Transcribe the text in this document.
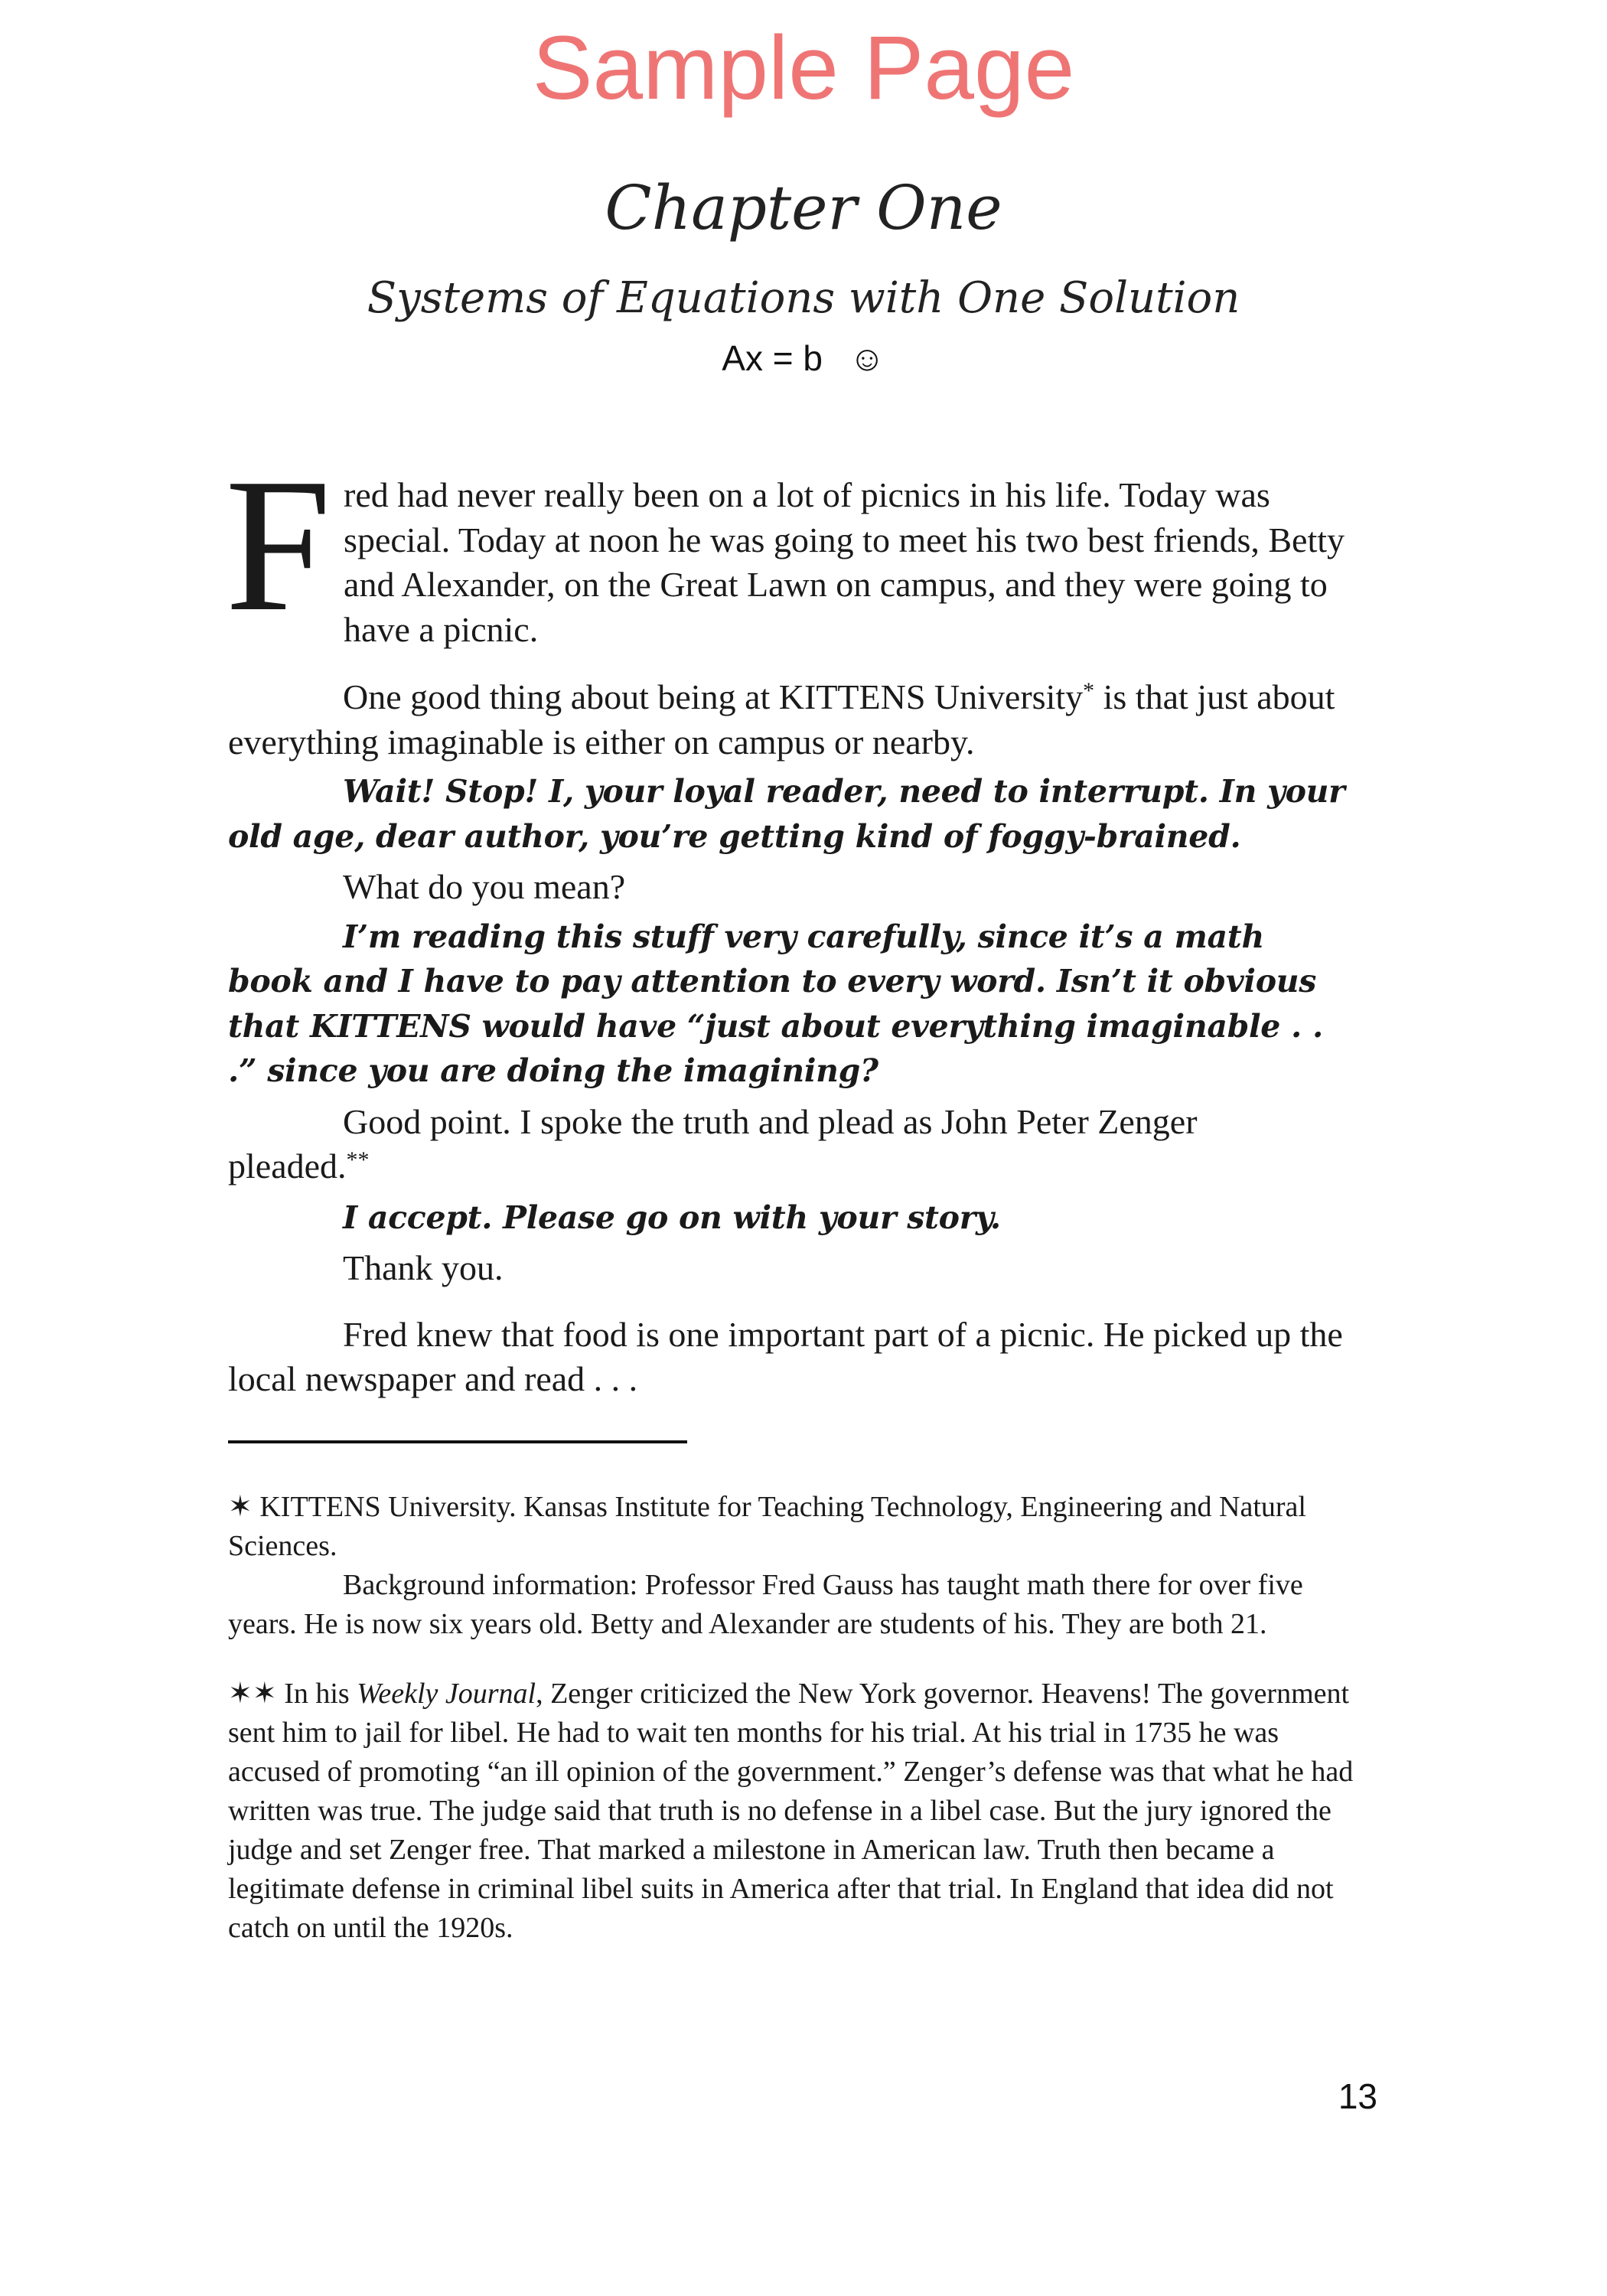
Sample Page
Chapter One
Systems of Equations with One Solution
Ax = b ☺

Fred had never really been on a lot of picnics in his life. Today was special. Today at noon he was going to meet his two best friends, Betty and Alexander, on the Great Lawn on campus, and they were going to have a picnic.

One good thing about being at KITTENS University* is that just about everything imaginable is either on campus or nearby.

Wait! Stop! I, your loyal reader, need to interrupt. In your old age, dear author, you’re getting kind of foggy-brained.

What do you mean?

I’m reading this stuff very carefully, since it’s a math book and I have to pay attention to every word. Isn’t it obvious that KITTENS would have “just about everything imaginable . . .” since you are doing the imagining?

Good point. I spoke the truth and plead as John Peter Zenger pleaded.**

I accept. Please go on with your story.

Thank you.

Fred knew that food is one important part of a picnic. He picked up the local newspaper and read . . .

✶ KITTENS University. Kansas Institute for Teaching Technology, Engineering and Natural Sciences.

Background information: Professor Fred Gauss has taught math there for over five years. He is now six years old. Betty and Alexander are students of his. They are both 21.

✶✶ In his Weekly Journal, Zenger criticized the New York governor. Heavens! The government sent him to jail for libel. He had to wait ten months for his trial. At his trial in 1735 he was accused of promoting “an ill opinion of the government.” Zenger’s defense was that what he had written was true. The judge said that truth is no defense in a libel case. But the jury ignored the judge and set Zenger free. That marked a milestone in American law. Truth then became a legitimate defense in criminal libel suits in America after that trial. In England that idea did not catch on until the 1920s.

13
